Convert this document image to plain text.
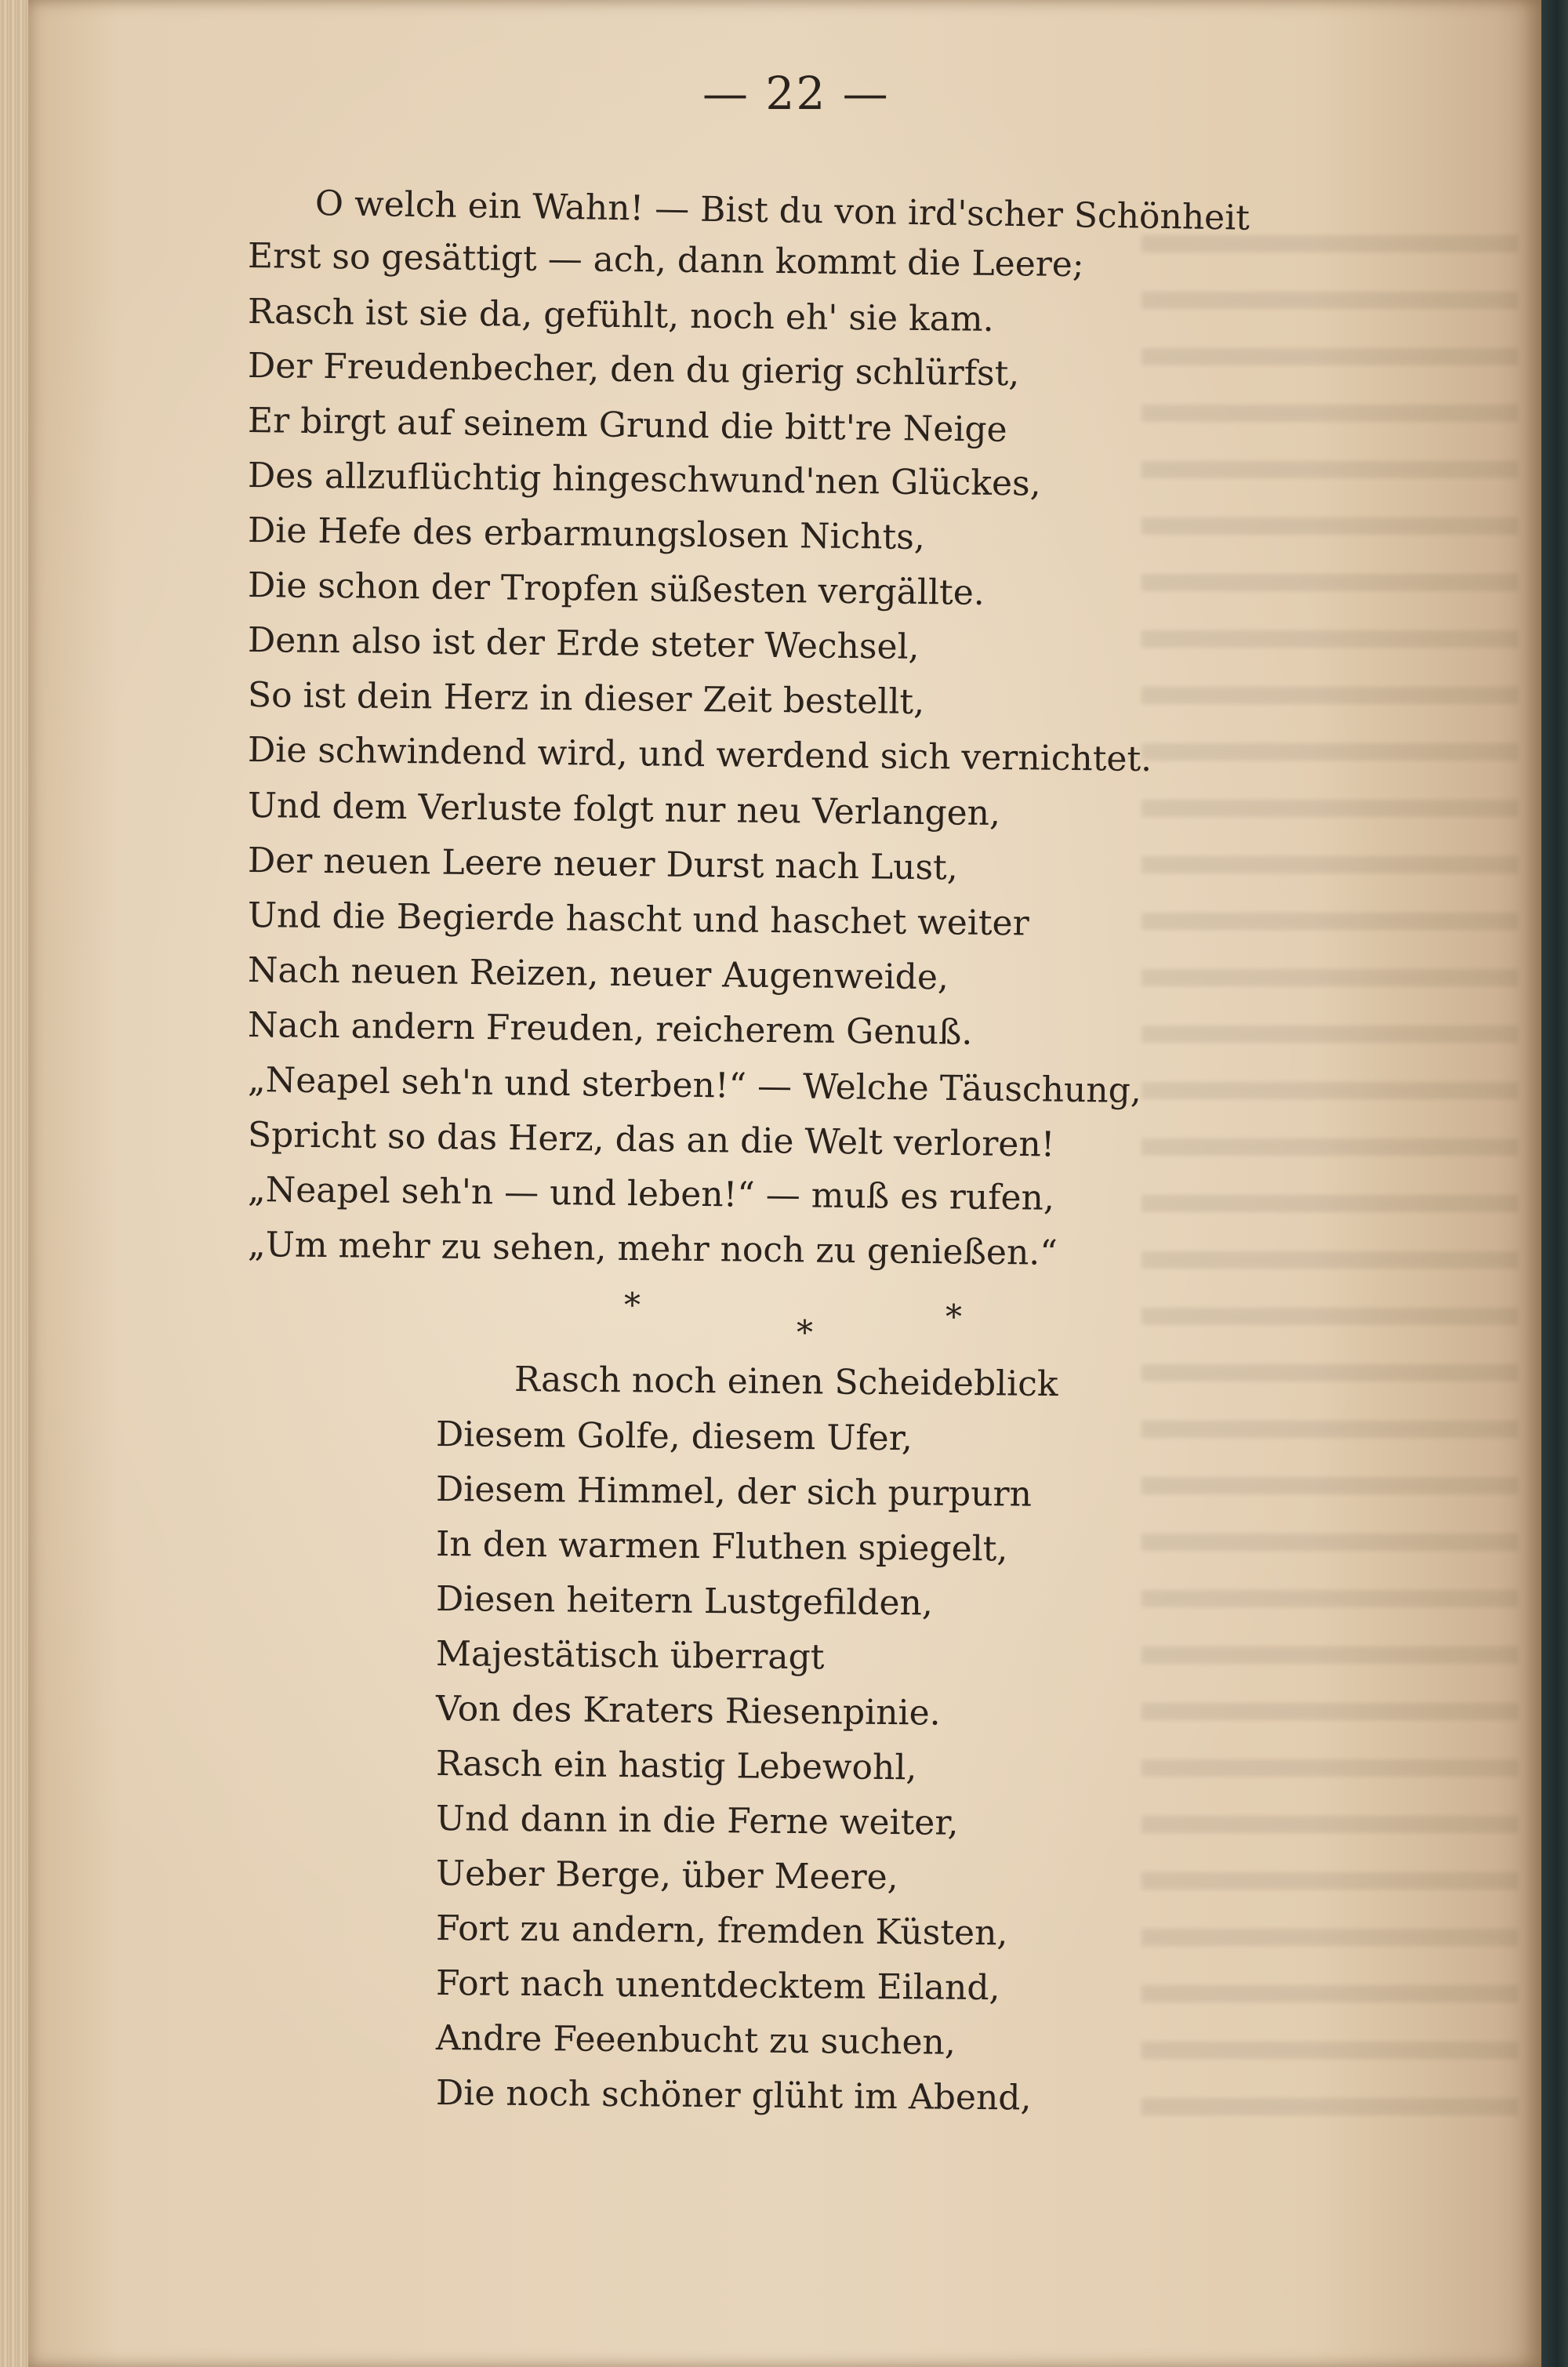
— 22 —
O welch ein Wahn! — Bist du von ird'scher Schönheit
Erst so gesättigt — ach, dann kommt die Leere;
Rasch ist sie da, gefühlt, noch eh' sie kam.
Der Freudenbecher, den du gierig schlürfst,
Er birgt auf seinem Grund die bitt're Neige
Des allzuflüchtig hingeschwund'nen Glückes,
Die Hefe des erbarmungslosen Nichts,
Die schon der Tropfen süßesten vergällte.
Denn also ist der Erde steter Wechsel,
So ist dein Herz in dieser Zeit bestellt,
Die schwindend wird, und werdend sich vernichtet.
Und dem Verluste folgt nur neu Verlangen,
Der neuen Leere neuer Durst nach Lust,
Und die Begierde hascht und haschet weiter
Nach neuen Reizen, neuer Augenweide,
Nach andern Freuden, reicherem Genuß.
„Neapel seh'n und sterben!“ — Welche Täuschung,
Spricht so das Herz, das an die Welt verloren!
„Neapel seh'n — und leben!“ — muß es rufen,
„Um mehr zu sehen, mehr noch zu genießen.“
*
*	*
Rasch noch einen Scheideblick
Diesem Golfe, diesem Ufer,
Diesem Himmel, der sich purpurn
In den warmen Fluthen spiegelt,
Diesen heitern Lustgefilden,
Majestätisch überragt
Von des Kraters Riesenpinie.
Rasch ein hastig Lebewohl,
Und dann in die Ferne weiter,
Ueber Berge, über Meere,
Fort zu andern, fremden Küsten,
Fort nach unentdecktem Eiland,
Andre Feeenbucht zu suchen,
Die noch schöner glüht im Abend,
